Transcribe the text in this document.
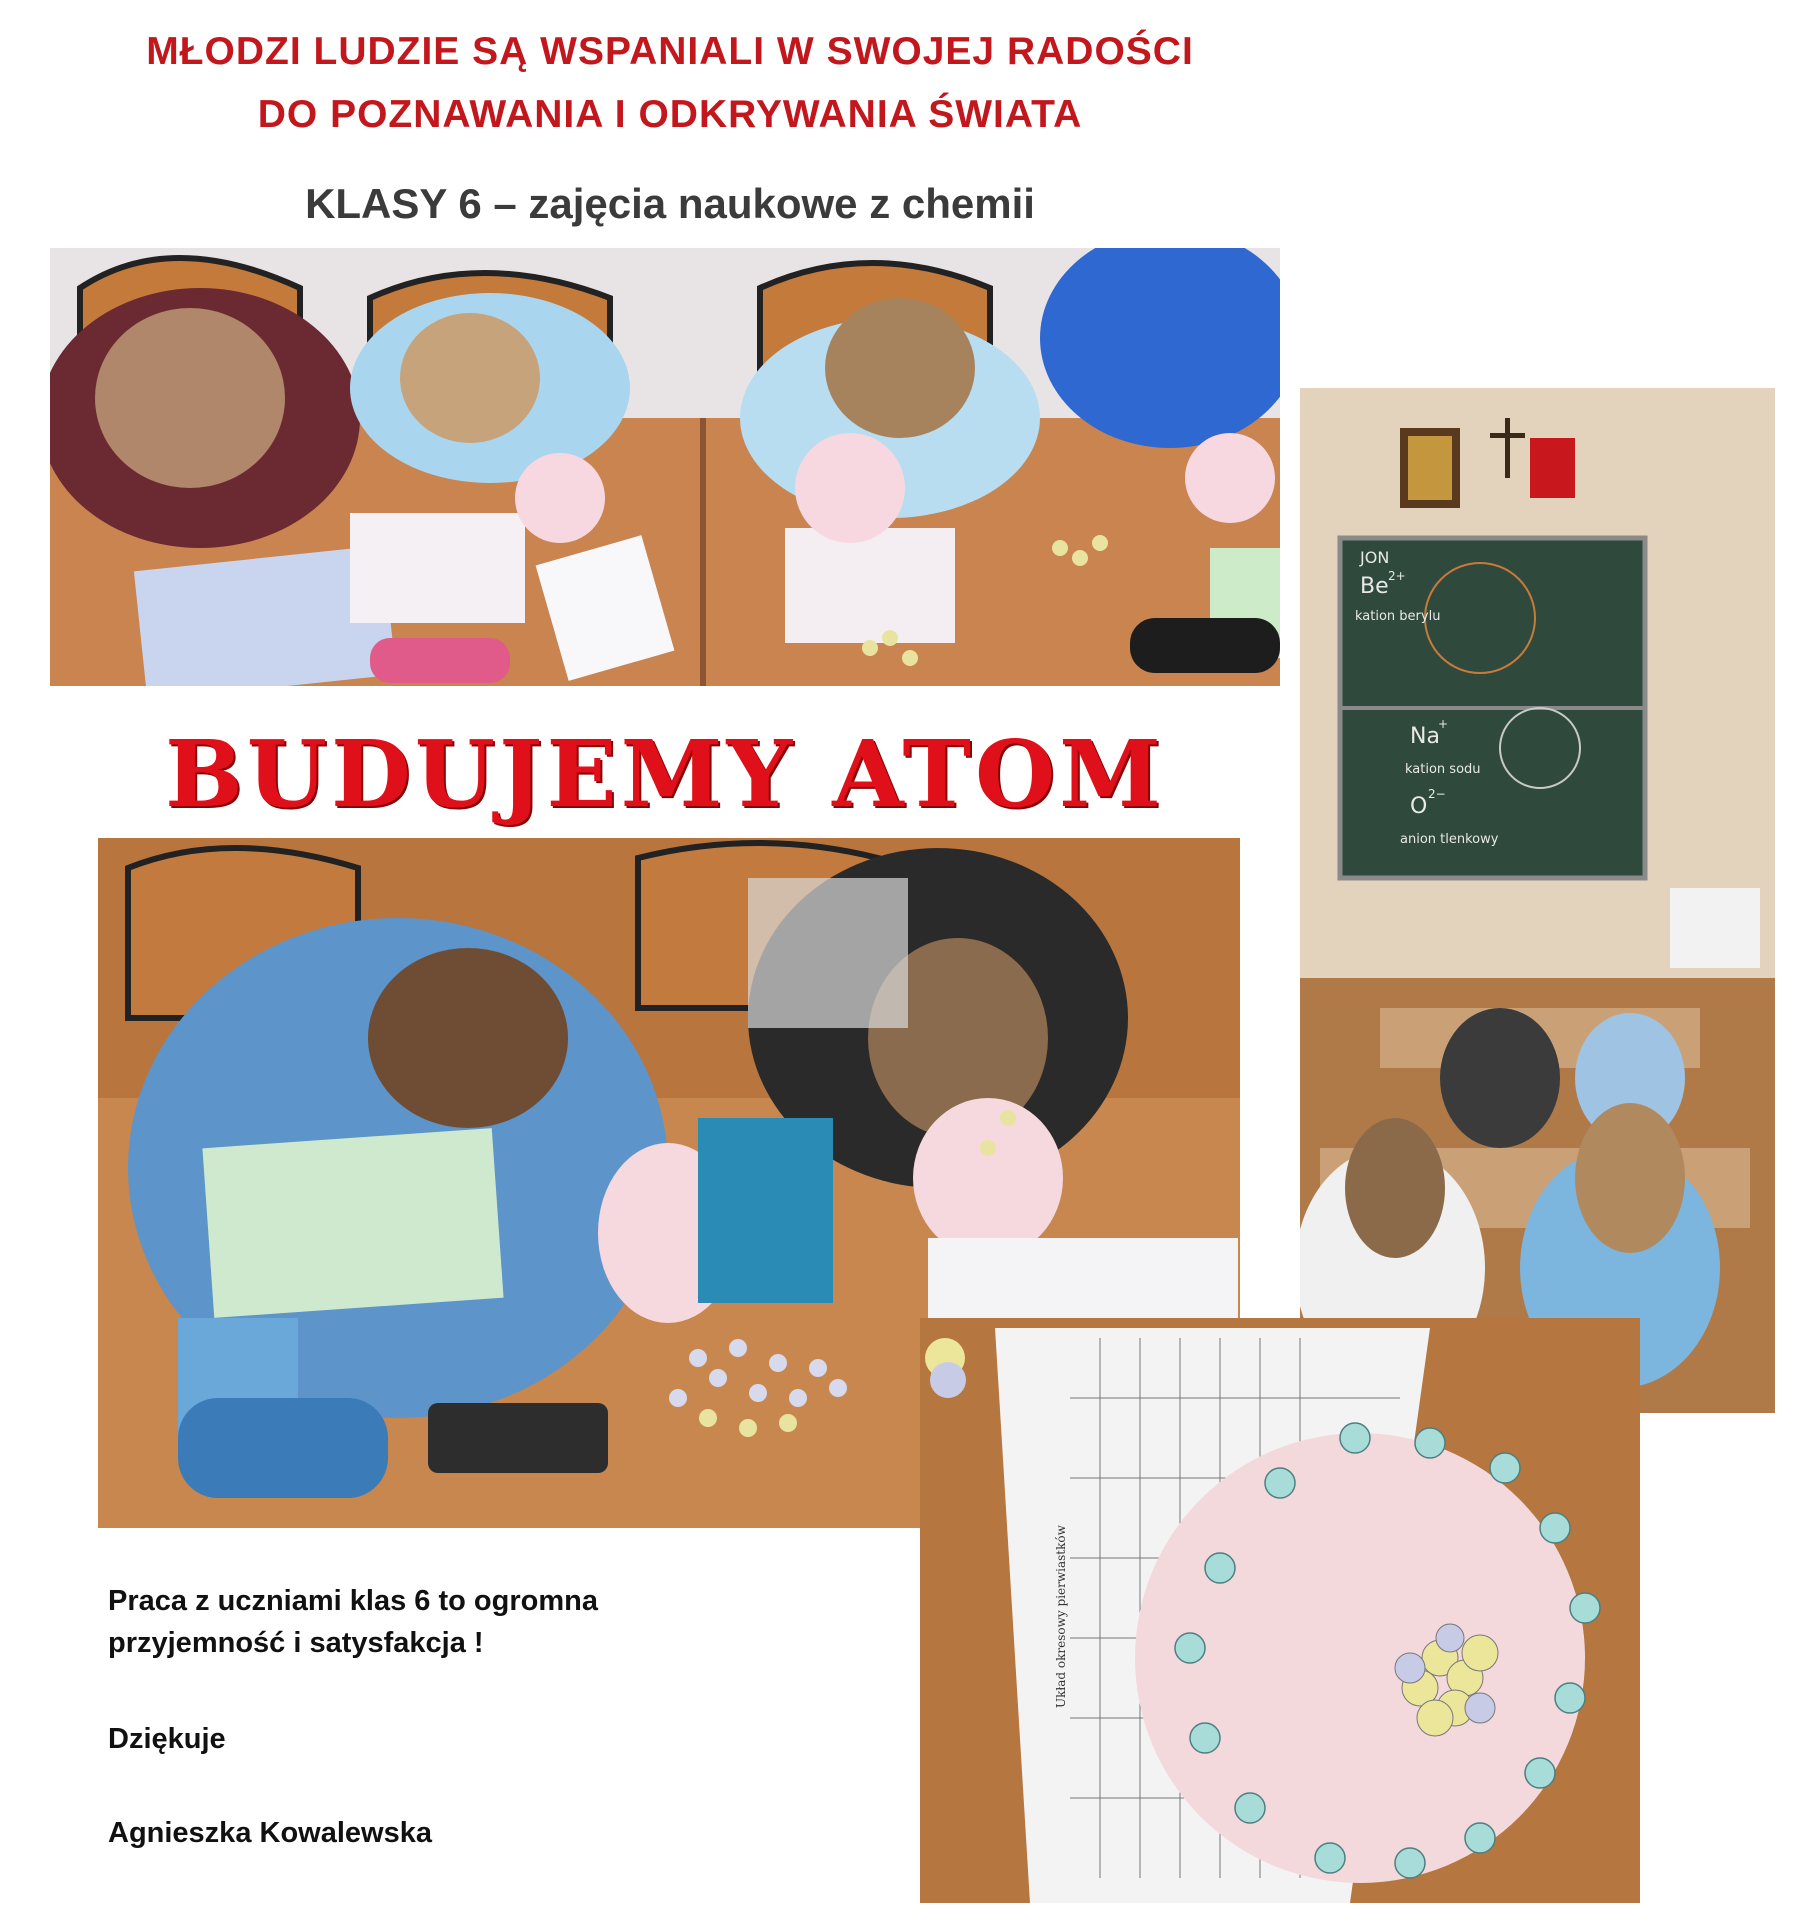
MŁODZI LUDZIE SĄ WSPANIALI W SWOJEJ RADOŚCI
DO POZNAWANIA I ODKRYWANIA ŚWIATA
KLASY 6 – zajęcia naukowe z chemii
BUDUJEMY ATOM
JON
Be 2+
kation berylu
Na
+
kation sodu
O 2−
anion tlenkowy
Układ okresowy pierwiastków
Praca z uczniami klas 6 to ogromna
przyjemność i satysfakcja !
Dziękuje
Agnieszka Kowalewska
